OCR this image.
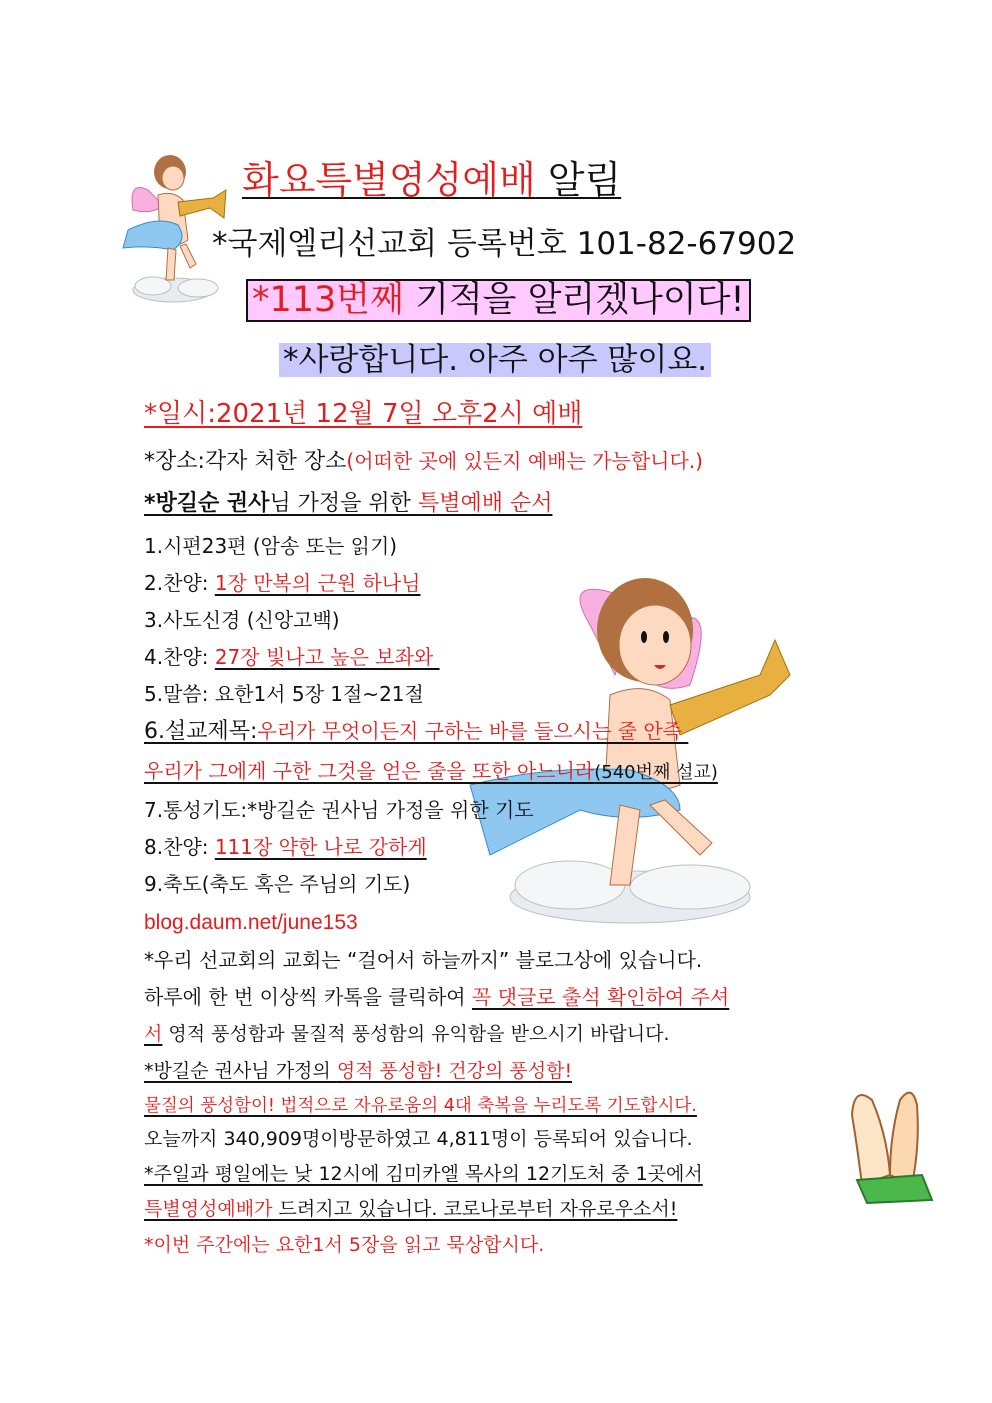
화요특별영성예배 알림
*국제엘리선교회 등록번호 101-82-67902
*113번째 기적을 알리겠나이다!
*사랑합니다. 아주 아주 많이요.
*일시:2021년 12월 7일 오후2시 예배
*장소:각자 처한 장소(어떠한 곳에 있든지 예배는 가능합니다.)
*방길순 권사님 가정을 위한 특별예배 순서
1.시편23편 (암송 또는 읽기)
2.찬양: 1장 만복의 근원 하나님
3.사도신경 (신앙고백)
4.찬양: 27장 빛나고 높은 보좌와
5.말씀: 요한1서 5장 1절~21절
6.설교제목:우리가 무엇이든지 구하는 바를 들으시는 줄 안즉
우리가 그에게 구한 그것을 얻은 줄을 또한 아느니라(540번째 설교)
7.통성기도:*방길순 권사님 가정을 위한 기도
8.찬양: 111장 약한 나로 강하게
9.축도(축도 혹은 주님의 기도)
blog.daum.net/june153
*우리 선교회의 교회는 “걸어서 하늘까지” 블로그상에 있습니다.
하루에 한 번 이상씩 카톡을 클릭하여 꼭 댓글로 출석 확인하여 주셔
서 영적 풍성함과 물질적 풍성함의 유익함을 받으시기 바랍니다.
*방길순 권사님 가정의 영적 풍성함! 건강의 풍성함!
물질의 풍성함이! 법적으로 자유로움의 4대 축복을 누리도록 기도합시다.
오늘까지 340,909명이방문하였고 4,811명이 등록되어 있습니다.
*주일과 평일에는 낮 12시에 김미카엘 목사의 12기도처 중 1곳에서
특별영성예배가 드려지고 있습니다. 코로나로부터 자유로우소서!
*이번 주간에는 요한1서 5장을 읽고 묵상합시다.
